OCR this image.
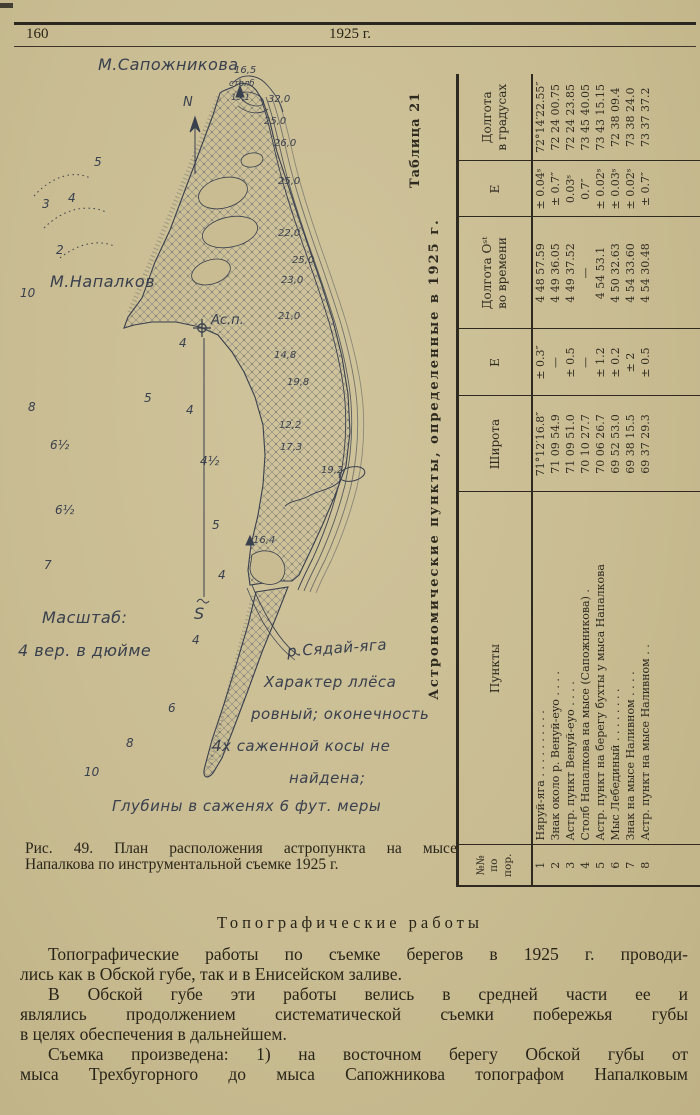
160	1925 г.
М.Сапожникова
N
М.Напалков
Ас.п.
Масштаб:
4 вер. в дюйме
S
р.Сядай-яга
Характер ллёса
ровный; оконечность
4х саженной косы не
найдена;
Глубины в саженях 6 фут. меры
16,5
столб
19,1 32,0
25,0
26,0
25,0
22,0
25,0
23,0
21,0
14,8
19,8
12,2
17,3
19,2
16,4
5
4
3
2
10
8
5
4
4
6½
4½
6½
5
7
4
4
6
8
10
Рис. 49. План расположения астропункта на мысе
Напалкова по инструментальной съемке 1925 г.
Таблица 21
Астрономические пункты, определенные в 1925 г.
№№
по
пор.	Пункты	Широта	E	Долгота Оˢᵗ
во времени	E	Долгота
в градусах
1	Няруй-яга . . . . . . . . . .	71°12′16.8″	± 0.3″	4 48 57.59	± 0.04ˢ	72°14′22.55″
2	Знак около р. Венуй-еуо . . . .	71 09 54.9	—	4 49 36.05	± 0.7″	72 24 00.75
3	Астр. пункт Венуй-еуо . . . .	71 09 51.0	± 0.5	4 49 37.52	0.03ˢ	72 24 23.85
4	Столб Напалкова на мысе (Сапожникова) .	70 10 27.7	—	—	0.7″	73 45 40.05
5	Астр. пункт на берегу бухты у мыса Напалкова	70 06 26.7	± 1.2	4 54 53.1	± 0.02ˢ	73 43 15.15
6	Мыс Лебединый . . . . . . . .	69 52 53.0	± 0.2	4 50 32.63	± 0.03ˢ	72 38 09.4
7	Знак на мысе Наливном . . . .	69 38 15.5	± 2	4 54 33.60	± 0.02ˢ	73 38 24.0
8	Астр. пункт на мысе Наливном . .	69 37 29.3	± 0.5	4 54 30.48	± 0.7″	73 37 37.2

Топографические работы
Топографические работы по съемке берегов в 1925 г. проводи-
лись как в Обской губе, так и в Енисейском заливе.
В Обской губе эти работы велись в средней части ее и
являлись продолжением систематической съемки побережья губы
в целях обеспечения в дальнейшем.
Съемка произведена: 1) на восточном берегу Обской губы от
мыса Трехбугорного до мыса Сапожникова топографом Напалковым
